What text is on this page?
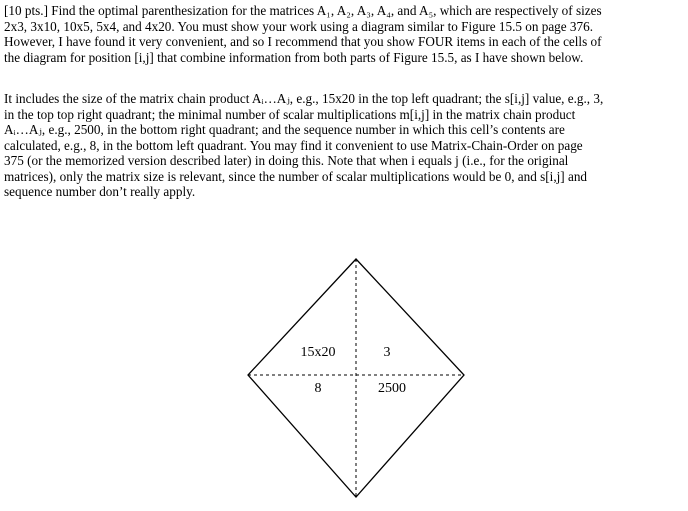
[10 pts.] Find the optimal parenthesization for the matrices A₁, A₂, A₃, A₄, and A₅, which are respectively of sizes
2x3, 3x10, 10x5, 5x4, and 4x20. You must show your work using a diagram similar to Figure 15.5 on page 376.
However, I have found it very convenient, and so I recommend that you show FOUR items in each of the cells of
the diagram for position [i,j] that combine information from both parts of Figure 15.5, as I have shown below.
It includes the size of the matrix chain product Aᵢ…Aⱼ, e.g., 15x20 in the top left quadrant; the s[i,j] value, e.g., 3,
in the top top right quadrant; the minimal number of scalar multiplications m[i,j] in the matrix chain product
Aᵢ…Aⱼ, e.g., 2500, in the bottom right quadrant; and the sequence number in which this cell’s contents are
calculated, e.g., 8, in the bottom left quadrant. You may find it convenient to use Matrix-Chain-Order on page
375 (or the memorized version described later) in doing this. Note that when i equals j (i.e., for the original
matrices), only the matrix size is relevant, since the number of scalar multiplications would be 0, and s[i,j] and
sequence number don’t really apply.
15x20	3
8	2500
